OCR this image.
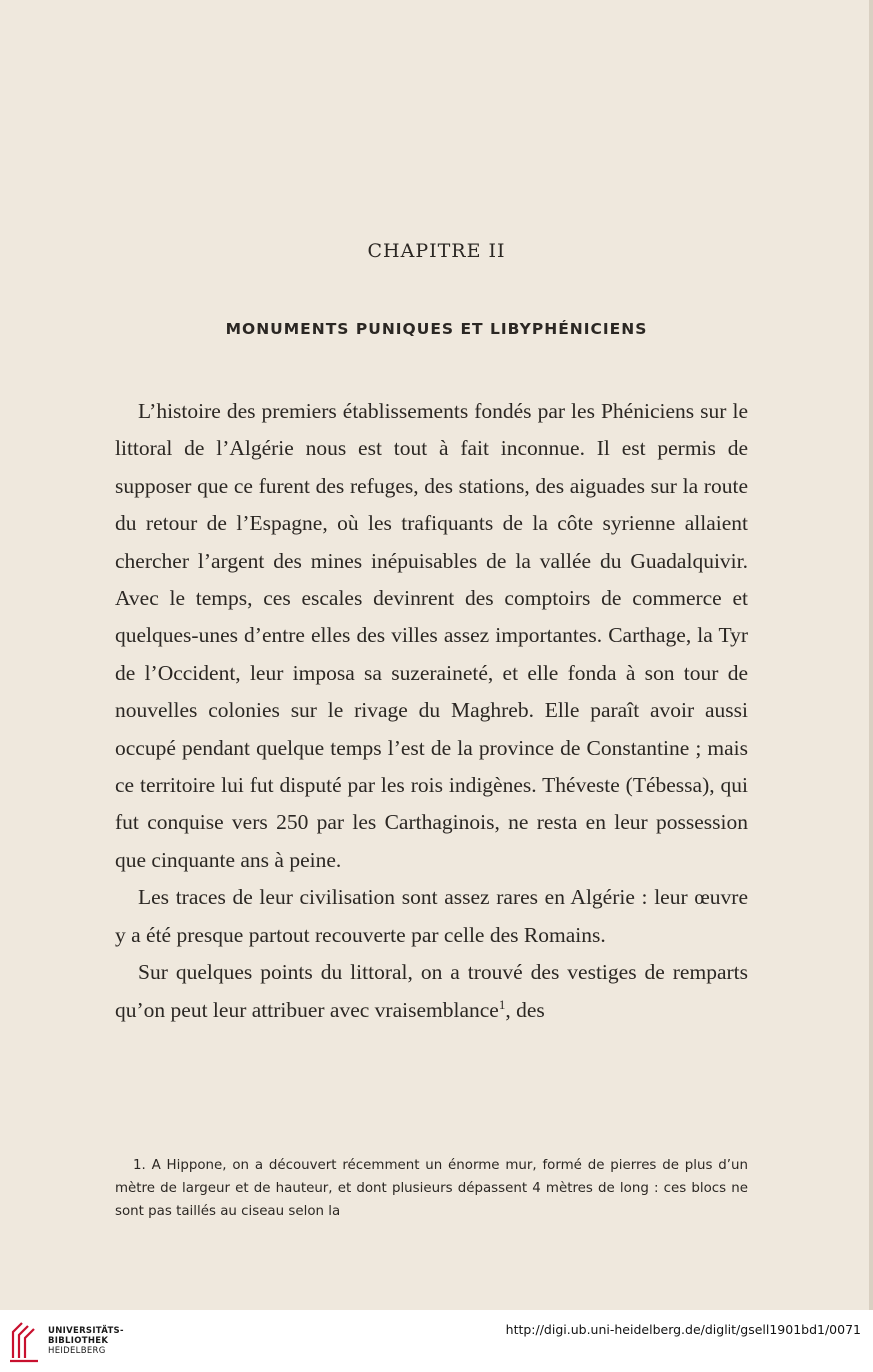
CHAPITRE II
MONUMENTS PUNIQUES ET LIBYPHÉNICIENS

L’histoire des premiers établissements fondés par les Phéniciens sur le littoral de l’Algérie nous est tout à fait inconnue. Il est permis de supposer que ce furent des refuges, des stations, des aiguades sur la route du retour de l’Espagne, où les trafiquants de la côte syrienne allaient chercher l’argent des mines inépuisables de la vallée du Guadalquivir. Avec le temps, ces escales devinrent des comptoirs de commerce et quelques-unes d’entre elles des villes assez importantes. Carthage, la Tyr de l’Occident, leur imposa sa suzeraineté, et elle fonda à son tour de nouvelles colonies sur le rivage du Maghreb. Elle paraît avoir aussi occupé pendant quelque temps l’est de la province de Constantine ; mais ce territoire lui fut disputé par les rois indigènes. Théveste (Tébessa), qui fut conquise vers 250 par les Carthaginois, ne resta en leur possession que cinquante ans à peine.

Les traces de leur civilisation sont assez rares en Algérie : leur œuvre y a été presque partout recouverte par celle des Romains.

Sur quelques points du littoral, on a trouvé des vestiges de remparts qu’on peut leur attribuer avec vraisemblance$^1$, des

1. A Hippone, on a découvert récemment un énorme mur, formé de pierres de plus d’un mètre de largeur et de hauteur, et dont plusieurs dépassent 4 mètres de long : ces blocs ne sont pas taillés au ciseau selon la
UNIVERSITÄTS-
BIBLIOTHEK
HEIDELBERG
http://digi.ub.uni-heidelberg.de/diglit/gsell1901bd1/0071
